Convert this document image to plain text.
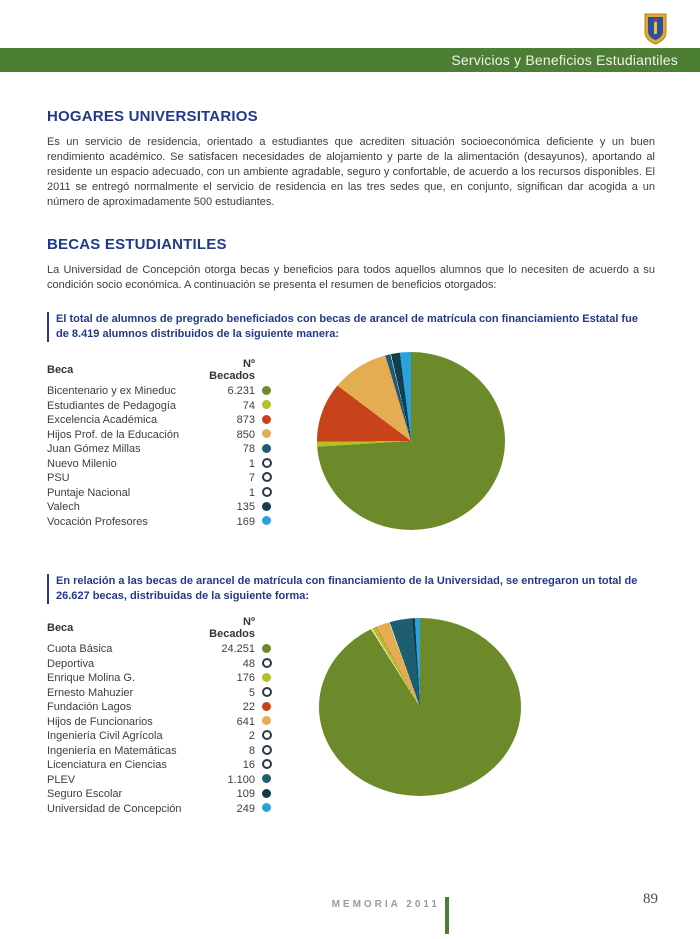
Servicios y Beneficios Estudiantiles
HOGARES UNIVERSITARIOS

Es un servicio de residencia, orientado a estudiantes que acrediten situación socioeconómica deficiente y un buen rendimiento académico. Se satisfacen necesidades de alojamiento y parte de la alimentación (desayunos), aportando al residente un espacio adecuado, con un ambiente agradable, seguro y confortable, de acuerdo a los recursos disponibles. El 2011 se entregó normalmente el servicio de residencia en las tres sedes que, en conjunto, significan dar acogida a un número de aproximadamente 500 estudiantes.

BECAS ESTUDIANTILES

La Universidad de Concepción otorga becas y beneficios para todos aquellos alumnos que lo necesiten de acuerdo a su condición socio económica. A continuación se presenta el resumen de beneficios otorgados:

El total de alumnos de pregrado beneficiados con becas de arancel de matrícula con financiamiento Estatal fue de 8.419 alumnos distribuidos de la siguiente manera:
Beca	Nº Becados	
Bicentenario y ex Mineduc	6.231	
Estudiantes de Pedagogía	74	
Excelencia Académica	873	
Hijos Prof. de la Educación	850	
Juan Gómez Millas	78	
Nuevo Milenio	1	
PSU	7	
Puntaje Nacional	1	
Valech	135	
Vocación Profesores	169	
En relación a las becas de arancel de matrícula con financiamiento de la Universidad, se entregaron un total de 26.627 becas, distribuidas de la siguiente forma:
Beca	Nº Becados	
Cuota Básica	24.251	
Deportiva	48	
Enrique Molina G.	176	
Ernesto Mahuzier	5	
Fundación Lagos	22	
Hijos de Funcionarios	641	
Ingeniería Civil Agrícola	2	
Ingeniería en Matemáticas	8	
Licenciatura en Ciencias	16	
PLEV	1.100	
Seguro Escolar	109	
Universidad de Concepción	249	
MEMORIA 2011	89
